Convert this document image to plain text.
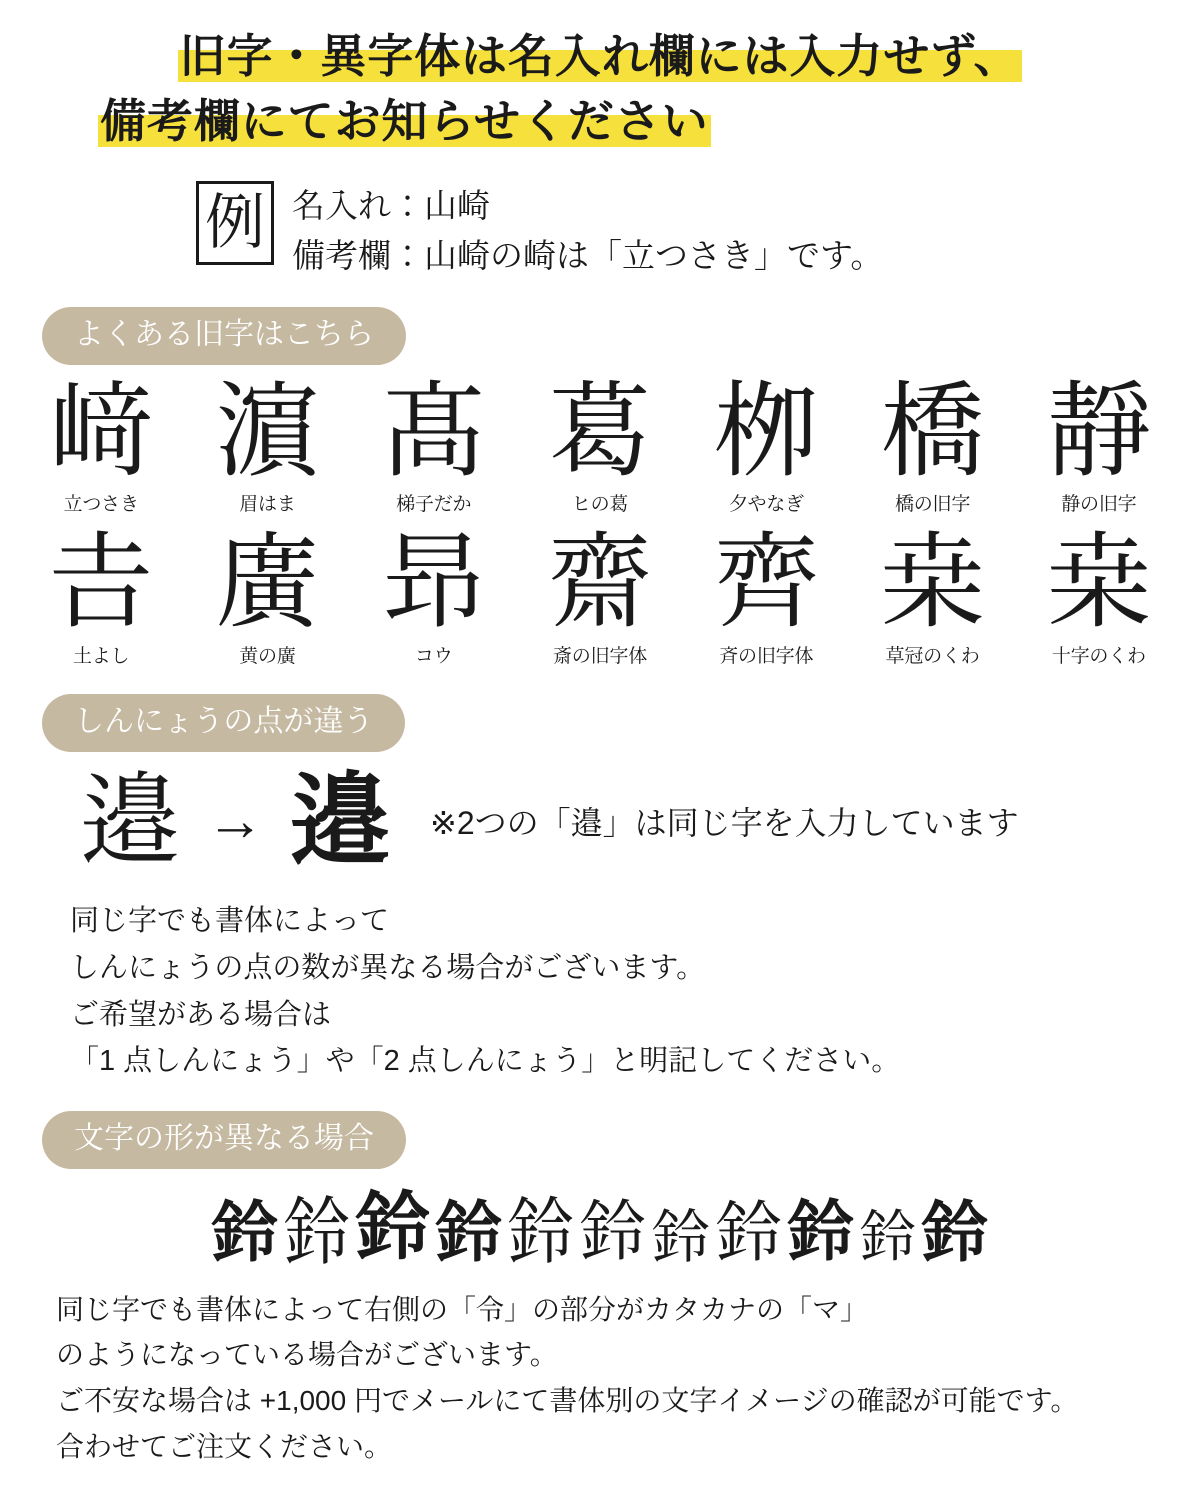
旧字・異字体は名入れ欄には入力せず、
備考欄にてお知らせください
例 名入れ：山崎
備考欄：山崎の崎は「立つさき」です。
よくある旧字はこちら
﨑
立つさき
濵
眉はま
髙
梯子だか
葛
ヒの葛
栁
夕やなぎ
橋
橋の旧字
靜
静の旧字
𠮷
土よし
廣
黄の廣
昻
コウ
齋
斎の旧字体
齊
斉の旧字体
桒
草冠のくわ
桒
十字のくわ
しんにょうの点が違う
邉 → 邉 ※2つの「邉」は同じ字を入力しています
同じ字でも書体によって
しんにょうの点の数が異なる場合がございます。
ご希望がある場合は
「1 点しんにょう」や「2 点しんにょう」と明記してください。
文字の形が異なる場合
鈴 鈴 鈴 鈴 鈴 鈴 鈴 鈴 鈴 鈴 鈴
同じ字でも書体によって右側の「令」の部分がカタカナの「マ」
のようになっている場合がございます。
ご不安な場合は +1,000 円でメールにて書体別の文字イメージの確認が可能です。
合わせてご注文ください。
